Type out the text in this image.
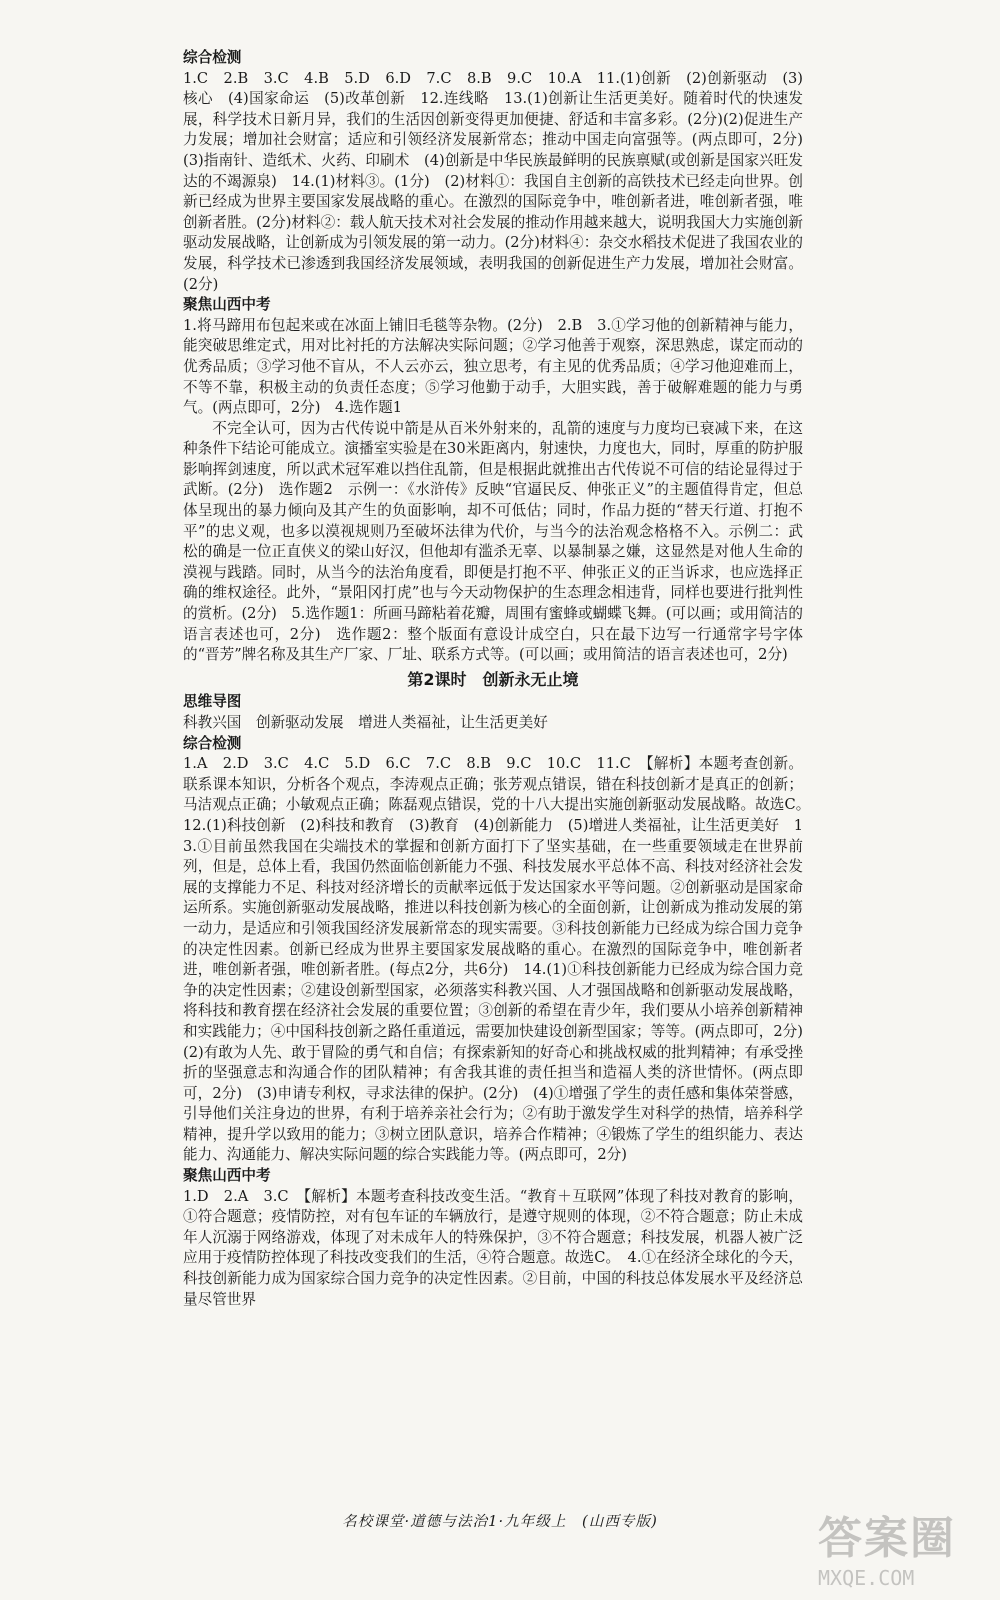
综合检测

1.C　2.B　3.C　4.B　5.D　6.D　7.C　8.B　9.C　10.A　11.(1)创新　(2)创新驱动　(3)核心　(4)国家命运　(5)改革创新　12.连线略　13.(1)创新让生活更美好。随着时代的快速发展，科学技术日新月异，我们的生活因创新变得更加便捷、舒适和丰富多彩。(2分)(2)促进生产力发展；增加社会财富；适应和引领经济发展新常态；推动中国走向富强等。(两点即可，2分)　(3)指南针、造纸术、火药、印刷术　(4)创新是中华民族最鲜明的民族禀赋(或创新是国家兴旺发达的不竭源泉)　14.(1)材料③。(1分)　(2)材料①：我国自主创新的高铁技术已经走向世界。创新已经成为世界主要国家发展战略的重心。在激烈的国际竞争中，唯创新者进，唯创新者强，唯创新者胜。(2分)材料②：载人航天技术对社会发展的推动作用越来越大，说明我国大力实施创新驱动发展战略，让创新成为引领发展的第一动力。(2分)材料④：杂交水稻技术促进了我国农业的发展，科学技术已渗透到我国经济发展领域，表明我国的创新促进生产力发展，增加社会财富。(2分)

聚焦山西中考

1.将马蹄用布包起来或在冰面上铺旧毛毯等杂物。(2分)　2.B　3.①学习他的创新精神与能力，能突破思维定式，用对比衬托的方法解决实际问题；②学习他善于观察，深思熟虑，谋定而动的优秀品质；③学习他不盲从，不人云亦云，独立思考，有主见的优秀品质；④学习他迎难而上，不等不靠，积极主动的负责任态度；⑤学习他勤于动手，大胆实践，善于破解难题的能力与勇气。(两点即可，2分)　4.选作题1

不完全认可，因为古代传说中箭是从百米外射来的，乱箭的速度与力度均已衰减下来，在这种条件下结论可能成立。演播室实验是在30米距离内，射速快，力度也大，同时，厚重的防护服影响挥剑速度，所以武术冠军难以挡住乱箭，但是根据此就推出古代传说不可信的结论显得过于武断。(2分)　选作题2　示例一：《水浒传》反映“官逼民反、伸张正义”的主题值得肯定，但总体呈现出的暴力倾向及其产生的负面影响，却不可低估；同时，作品力挺的“替天行道、打抱不平”的忠义观，也多以漠视规则乃至破坏法律为代价，与当今的法治观念格格不入。示例二：武松的确是一位正直侠义的梁山好汉，但他却有滥杀无辜、以暴制暴之嫌，这显然是对他人生命的漠视与践踏。同时，从当今的法治角度看，即便是打抱不平、伸张正义的正当诉求，也应选择正确的维权途径。此外，“景阳冈打虎”也与今天动物保护的生态理念相违背，同样也要进行批判性的赏析。(2分)　5.选作题1：所画马蹄粘着花瓣，周围有蜜蜂或蝴蝶飞舞。(可以画；或用简洁的语言表述也可，2分)　选作题2：整个版面有意设计成空白，只在最下边写一行通常字号字体的“晋芳”牌名称及其生产厂家、厂址、联系方式等。(可以画；或用简洁的语言表述也可，2分)

第2课时　创新永无止境

思维导图

科教兴国　创新驱动发展　增进人类福祉，让生活更美好

综合检测

1.A　2.D　3.C　4.C　5.D　6.C　7.C　8.B　9.C　10.C　11.C　【解析】本题考查创新。联系课本知识，分析各个观点，李涛观点正确；张芳观点错误，错在科技创新才是真正的创新；马洁观点正确；小敏观点正确；陈磊观点错误，党的十八大提出实施创新驱动发展战略。故选C。　12.(1)科技创新　(2)科技和教育　(3)教育　(4)创新能力　(5)增进人类福祉，让生活更美好　13.①目前虽然我国在尖端技术的掌握和创新方面打下了坚实基础，在一些重要领域走在世界前列，但是，总体上看，我国仍然面临创新能力不强、科技发展水平总体不高、科技对经济社会发展的支撑能力不足、科技对经济增长的贡献率远低于发达国家水平等问题。②创新驱动是国家命运所系。实施创新驱动发展战略，推进以科技创新为核心的全面创新，让创新成为推动发展的第一动力，是适应和引领我国经济发展新常态的现实需要。③科技创新能力已经成为综合国力竞争的决定性因素。创新已经成为世界主要国家发展战略的重心。在激烈的国际竞争中，唯创新者进，唯创新者强，唯创新者胜。(每点2分，共6分)　14.(1)①科技创新能力已经成为综合国力竞争的决定性因素；②建设创新型国家，必须落实科教兴国、人才强国战略和创新驱动发展战略，将科技和教育摆在经济社会发展的重要位置；③创新的希望在青少年，我们要从小培养创新精神和实践能力；④中国科技创新之路任重道远，需要加快建设创新型国家；等等。(两点即可，2分)　(2)有敢为人先、敢于冒险的勇气和自信；有探索新知的好奇心和挑战权威的批判精神；有承受挫折的坚强意志和沟通合作的团队精神；有舍我其谁的责任担当和造福人类的济世情怀。(两点即可，2分)　(3)申请专利权，寻求法律的保护。(2分)　(4)①增强了学生的责任感和集体荣誉感，引导他们关注身边的世界，有利于培养亲社会行为；②有助于激发学生对科学的热情，培养科学精神，提升学以致用的能力；③树立团队意识，培养合作精神；④锻炼了学生的组织能力、表达能力、沟通能力、解决实际问题的综合实践能力等。(两点即可，2分)

聚焦山西中考

1.D　2.A　3.C　【解析】本题考查科技改变生活。“教育＋互联网”体现了科技对教育的影响，①符合题意；疫情防控，对有包车证的车辆放行，是遵守规则的体现，②不符合题意；防止未成年人沉溺于网络游戏，体现了对未成年人的特殊保护，③不符合题意；科技发展，机器人被广泛应用于疫情防控体现了科技改变我们的生活，④符合题意。故选C。　4.①在经济全球化的今天，科技创新能力成为国家综合国力竞争的决定性因素。②目前，中国的科技总体发展水平及经济总量尽管世界

名校课堂·道德与法治1·九年级上　(山西专版)	答案圈
MXQE.COM
